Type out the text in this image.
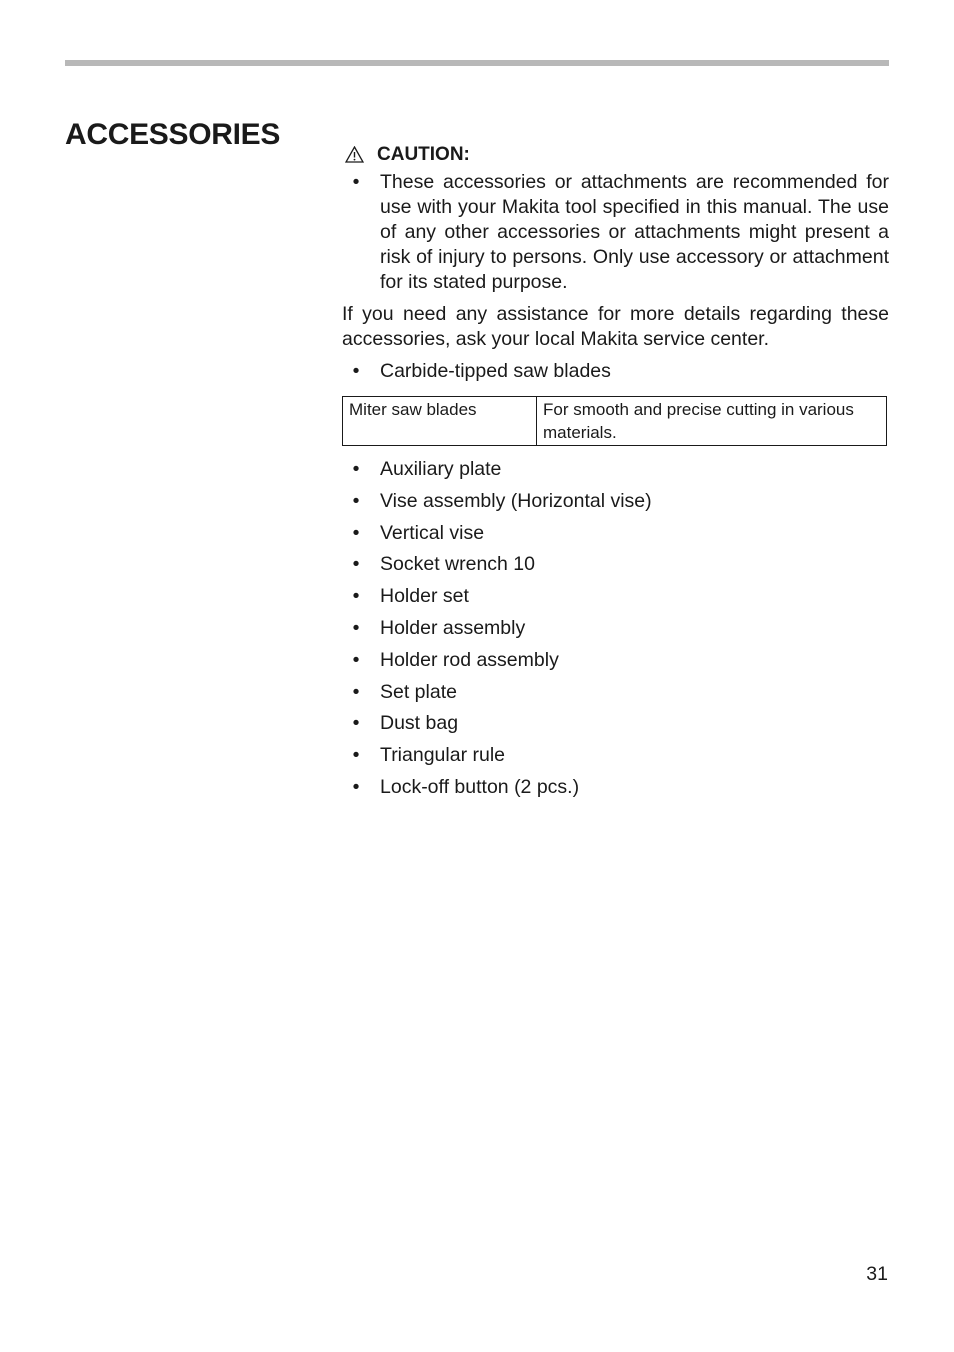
ACCESSORIES
CAUTION:
• These accessories or attachments are recommended for use with your Makita tool specified in this manual. The use of any other accessories or attachments might present a risk of injury to persons. Only use accessory or attachment for its stated purpose.

If you need any assistance for more details regarding these accessories, ask your local Makita service center.

• Carbide-tipped saw blades
Miter saw blades	For smooth and precise cutting in various materials.
• Auxiliary plate
• Vise assembly (Horizontal vise)
• Vertical vise
• Socket wrench 10
• Holder set
• Holder assembly
• Holder rod assembly
• Set plate
• Dust bag
• Triangular rule
• Lock-off button (2 pcs.)
31
